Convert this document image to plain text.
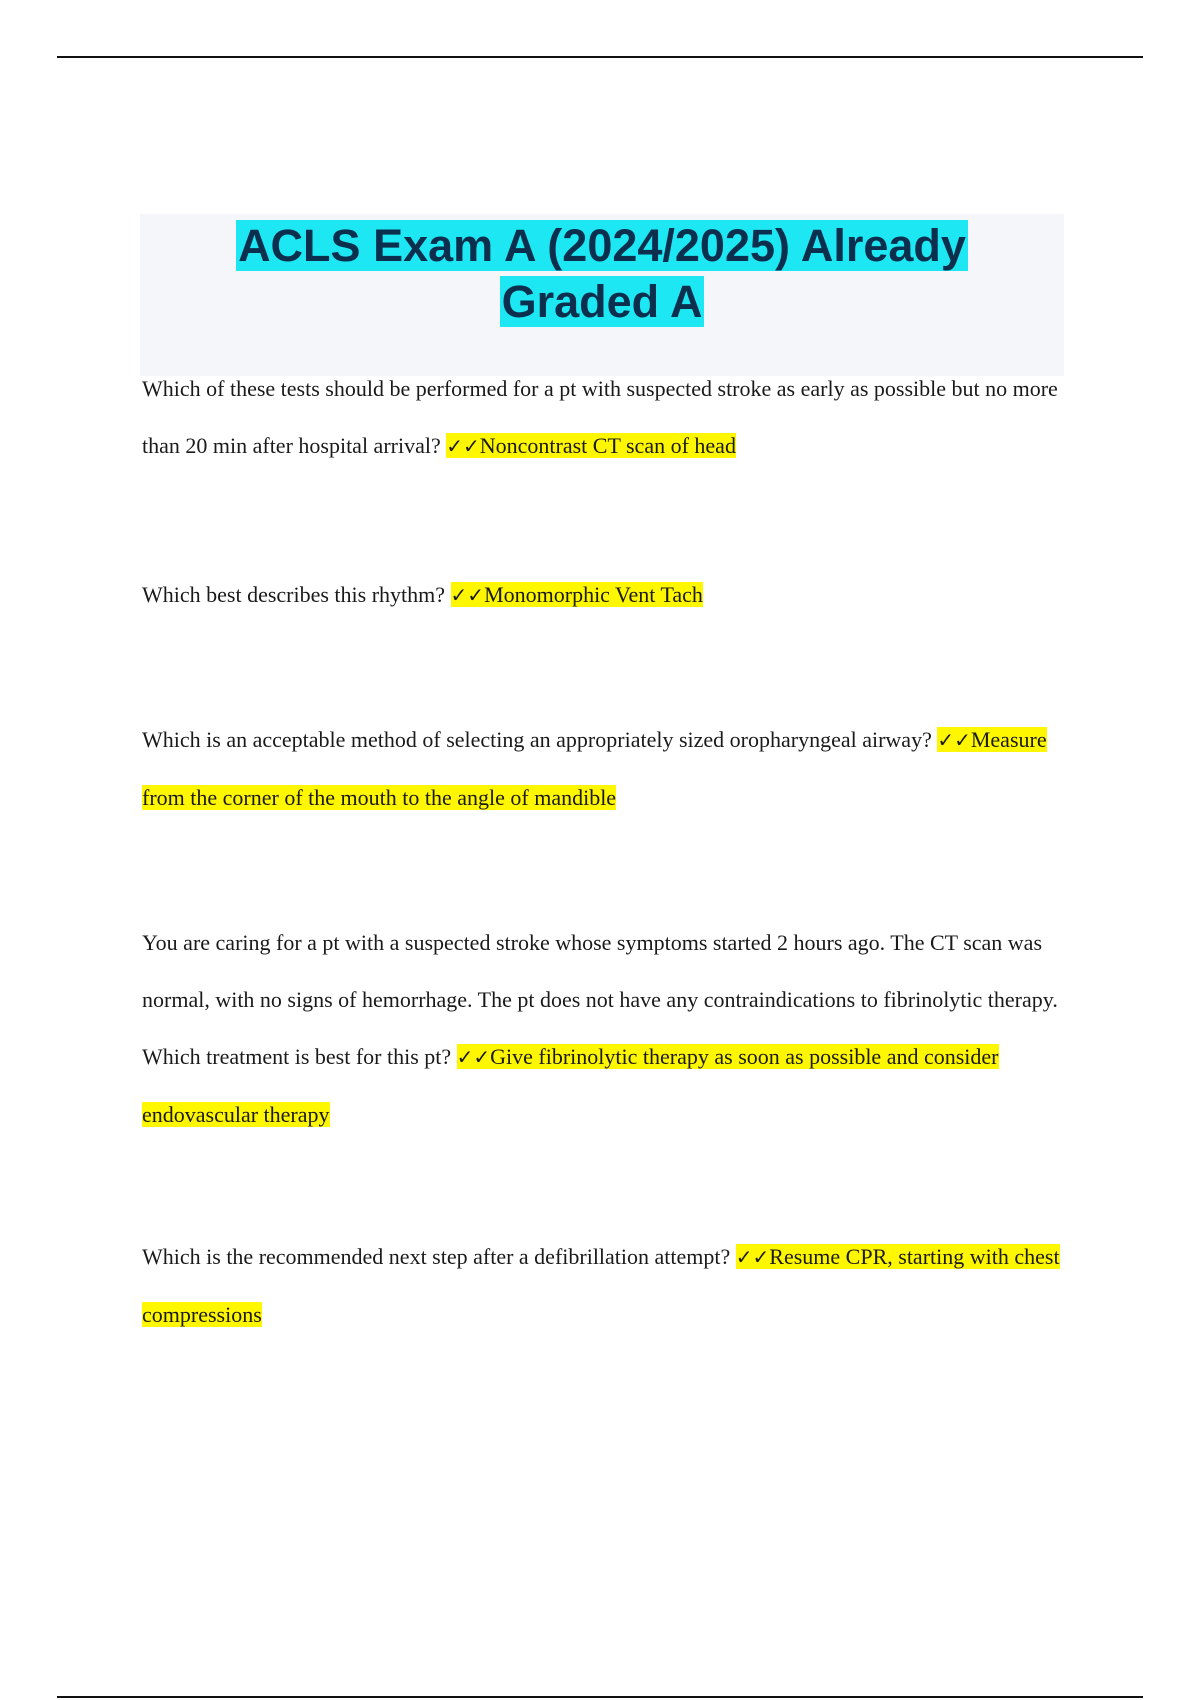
ACLS Exam A (2024/2025) Already
Graded A
Which of these tests should be performed for a pt with suspected stroke as early as possible but no more than 20 min after hospital arrival? ✓✓Noncontrast CT scan of head
Which best describes this rhythm? ✓✓Monomorphic Vent Tach
Which is an acceptable method of selecting an appropriately sized oropharyngeal airway? ✓✓Measure from the corner of the mouth to the angle of mandible
You are caring for a pt with a suspected stroke whose symptoms started 2 hours ago. The CT scan was normal, with no signs of hemorrhage. The pt does not have any contraindications to fibrinolytic therapy. Which treatment is best for this pt? ✓✓Give fibrinolytic therapy as soon as possible and consider endovascular therapy
Which is the recommended next step after a defibrillation attempt? ✓✓Resume CPR, starting with chest compressions
